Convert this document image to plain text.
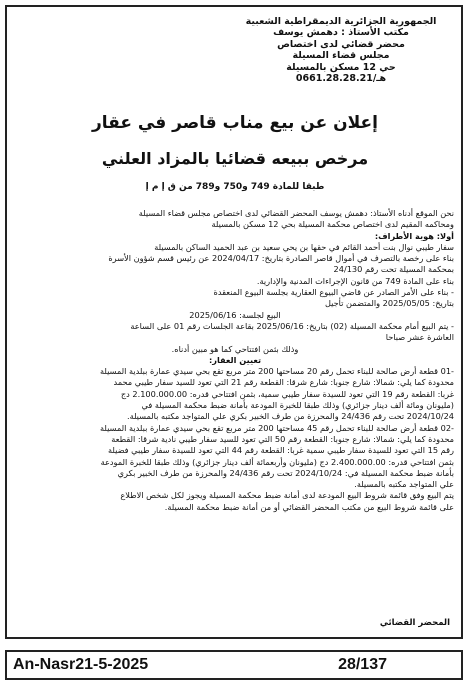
الجمهورية الجزائرية الديمقراطية الشعبية
مكتب الأستاذ : دهمش يوسف
محضر قضائي لدى اختصاص
مجلس قضاء المسيلة
حي 12 مسكن بالمسيلة
هـ/0661.28.28.21
إعلان عن بيع مناب قاصر في عقار
مرخص ببيعه قضائيا بالمزاد العلني
طبقا للمادة 749 و750 و789 من ق إ م إ

نحن الموقع أدناه الأستاذ: دهمش يوسف المحضر القضائي لدى اختصاص مجلس قضاء المسيلة

ومحاكمه المقيم لدى اختصاص محكمة المسيلة بحي 12 مسكن بالمسيلة

أولا: هوية الأطراف:

سفار طيبي نوال بنت أحمد القائم في حقها بن يحي سعيد بن عبد الحميد الساكن بالمسيلة

بناء على رخصة بالتصرف في أموال قاصر الصادرة بتاريخ: 2024/04/17 عن رئيس قسم شؤون الأسرة

بمحكمة المسيلة تحت رقم 24/130

بناء على المادة 749 من قانون الإجراءات المدنية والإدارية.

- بناء على الأمر الصادر عن قاضي البيوع العقارية بجلسة البيوع المنعقدة

بتاريخ: 2025/05/05 والمتضمن تأجيل

البيع لجلسة: 2025/06/16

- يتم البيع أمام محكمة المسيلة (02) بتاريخ: 2025/06/16 بقاعة الجلسات رقم 01 على الساعة

العاشرة عشر صباحا

وذلك بثمن افتتاحي كما هو مبين أدناه.

تعيين العقار:

-01 قطعة أرض صالحة للبناء تحمل رقم 20 مساحتها 200 متر مربع تقع بحي سيدي عمارة ببلدية المسيلة

محدودة كما يلي: شمالا: شارع جنوبا: شارع شرقا: القطعة رقم 21 التي تعود للسيد سفار طيبي محمد

غربا: القطعة رقم 19 التي تعود للسيدة سفار طيبي سمية، بثمن افتتاحي قدره: 2.100.000.00 دج

(مليونان ومائة ألف دينار جزائري) وذلك طبقا للخبرة المودعة بأمانة ضبط محكمة المسيلة في

2024/10/24 تحت رقم 24/436 والمحرزة من طرف الخبير بكري علي المتواجد مكتبه بالمسيلة.

-02 قطعة أرض صالحة للبناء تحمل رقم 45 مساحتها 200 متر مربع تقع بحي سيدي عمارة ببلدية المسيلة

محدودة كما يلي: شمالا: شارع جنوبا: القطعة رقم 50 التي تعود للسيد سفار طيبي نادية شرقا: القطعة

رقم 15 التي تعود للسيدة سفار طيبي سمية غربا: القطعة رقم 44 التي تعود للسيدة سفار طيبي فضيلة

بثمن افتتاحي قدره: 2.400.000.00 دج (مليونان وأربعمائة ألف دينار جزائري) وذلك طبقا للخبرة المودعة

بأمانة ضبط محكمة المسيلة في: 2024/10/24 تحت رقم 24/436 والمحرزة من طرف الخبير بكري

علي المتواجد مكتبه بالمسيلة.

يتم البيع وفق قائمة شروط البيع المودعة لدى أمانة ضبط محكمة المسيلة ويجوز لكل شخص الاطلاع

على قائمة شروط البيع من مكتب المحضر القضائي أو من أمانة ضبط محكمة المسيلة.

المحضر القضائي
An-Nasr21-5-2025	28/137
